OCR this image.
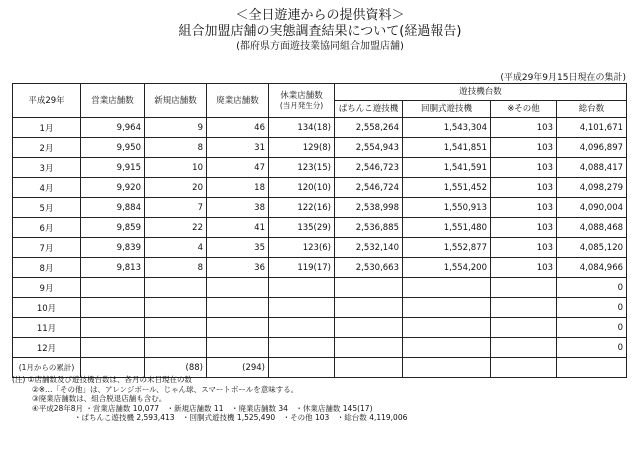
＜全日遊連からの提供資料＞
組合加盟店舗の実態調査結果について(経過報告)
(都府県方面遊技業協同組合加盟店舗)
(平成29年9月15日現在の集計)
平成29年	営業店舗数	新規店舗数	廃業店舗数	休業店舗数
(当月発生分)	遊技機台数			
					ぱちんこ遊技機	回胴式遊技機	※その他	総台数
1月	9,964	9	46	134(18)	2,558,264	1,543,304	103	4,101,671
2月	9,950	8	31	129(8)	2,554,943	1,541,851	103	4,096,897
3月	9,915	10	47	123(15)	2,546,723	1,541,591	103	4,088,417
4月	9,920	20	18	120(10)	2,546,724	1,551,452	103	4,098,279
5月	9,884	7	38	122(16)	2,538,998	1,550,913	103	4,090,004
6月	9,859	22	41	135(29)	2,536,885	1,551,480	103	4,088,468
7月	9,839	4	35	123(6)	2,532,140	1,552,877	103	4,085,120
8月	9,813	8	36	119(17)	2,530,663	1,554,200	103	4,084,966
9月								0
10月								0
11月								0
12月								0
(1月からの累計)		(88)	(294)					
(注) ①店舗数及び遊技機台数は、各月の末日現在の数
②※…「その他」は、アレンジボール、じゃん球、スマートボールを意味する。
③廃業店舗数は、組合脱退店舗も含む。
④平成28年8月 ・営業店舗数 10,077　・新規店舗数 11　・廃業店舗数 34　・休業店舗数 145(17)
・ぱちんこ遊技機 2,593,413　・回胴式遊技機 1,525,490　・その他 103　・総台数 4,119,006
